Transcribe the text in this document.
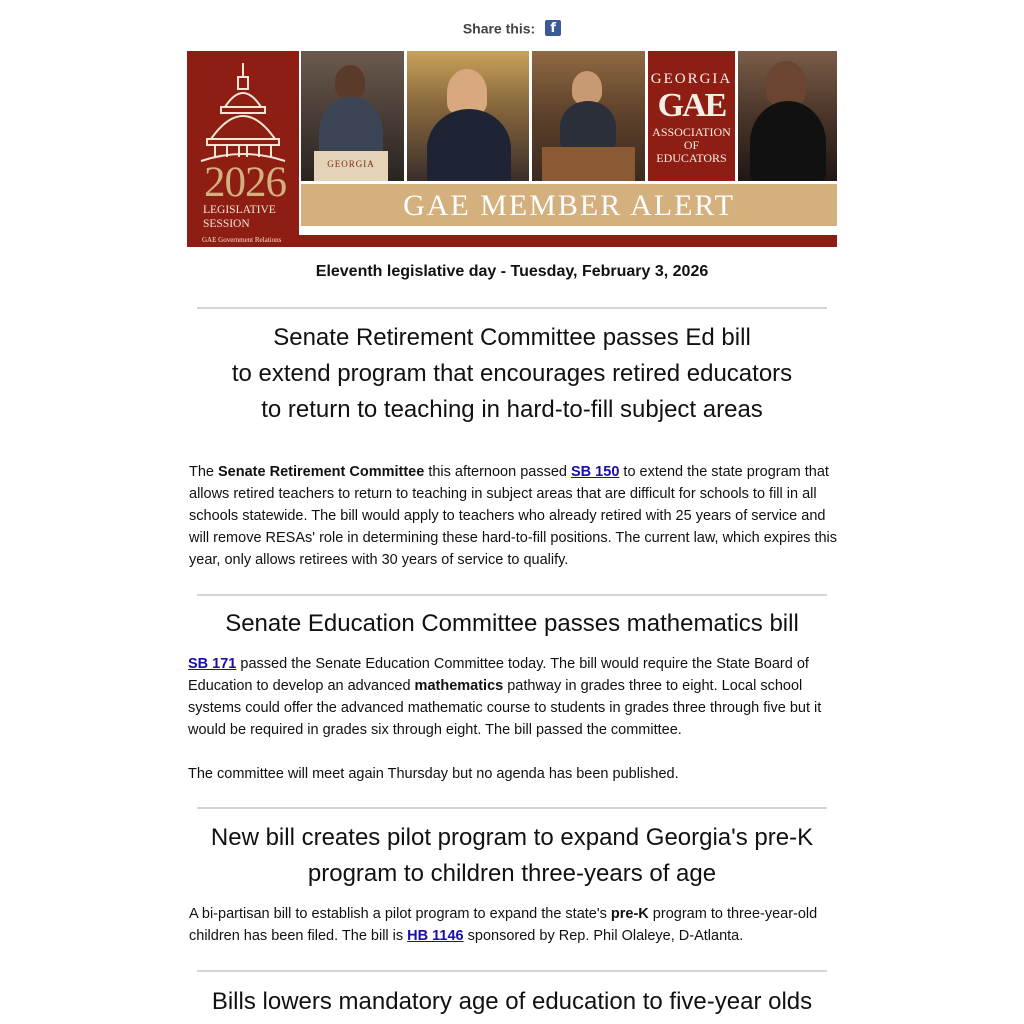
Share this: f
2026
LEGISLATIVE
SESSION
GEORGIA
GEORGIA
GAE
ASSOCIATION
OF EDUCATORS
GAE MEMBER ALERT
GAE Government Relations
Eleventh legislative day - Tuesday, February 3, 2026
Senate Retirement Committee passes Ed bill
to extend program that encourages retired educators
to return to teaching in hard-to-fill subject areas
The Senate Retirement Committee this afternoon passed SB 150 to extend the state program that allows retired teachers to return to teaching in subject areas that are difficult for schools to fill in all schools statewide. The bill would apply to teachers who already retired with 25 years of service and will remove RESAs' role in determining these hard-to-fill positions. The current law, which expires this year, only allows retirees with 30 years of service to qualify.
Senate Education Committee passes mathematics bill
SB 171 passed the Senate Education Committee today. The bill would require the State Board of Education to develop an advanced mathematics pathway in grades three to eight. Local school systems could offer the advanced mathematic course to students in grades three through five but it would be required in grades six through eight. The bill passed the committee.
The committee will meet again Thursday but no agenda has been published.
New bill creates pilot program to expand Georgia's pre-K
program to children three-years of age
A bi-partisan bill to establish a pilot program to expand the state's pre-K program to three-year-old children has been filed. The bill is HB 1146 sponsored by Rep. Phil Olaleye, D-Atlanta.
Bills lowers mandatory age of education to five-year olds
